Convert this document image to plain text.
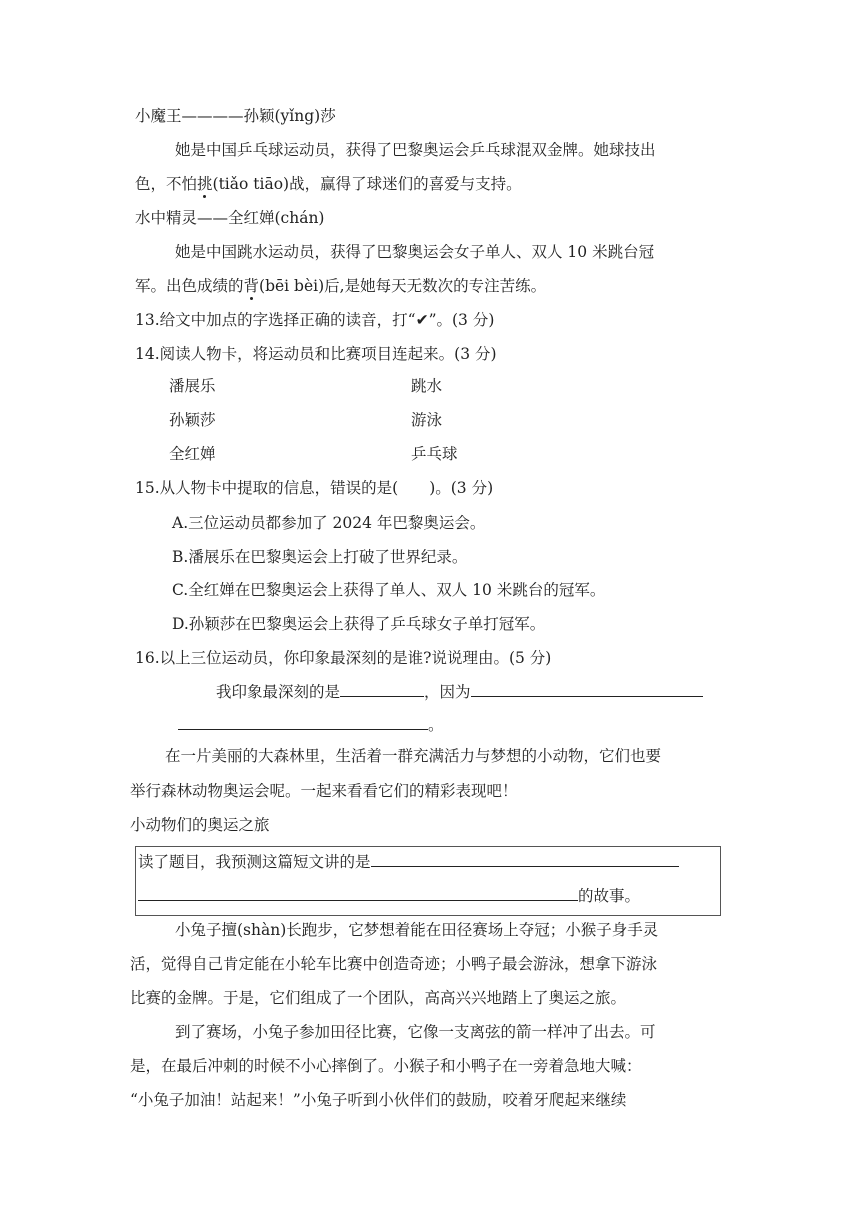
小魔王————孙颖(yǐng)莎
她是中国乒乓球运动员，获得了巴黎奥运会乒乓球混双金牌。她球技出
色，不怕挑(tiǎo tiāo)战，赢得了球迷们的喜爱与支持。
水中精灵——全红婵(chán)
她是中国跳水运动员，获得了巴黎奥运会女子单人、双人 10 米跳台冠
军。出色成绩的背(bēi bèi)后,是她每天无数次的专注苦练。
13.给文中加点的字选择正确的读音，打“✔”。(3 分)
14.阅读人物卡，将运动员和比赛项目连起来。(3 分)
潘展乐	跳水
孙颖莎	游泳
全红婵	乒乓球
15.从人物卡中提取的信息，错误的是(　　)。(3 分)
A.三位运动员都参加了 2024 年巴黎奥运会。
B.潘展乐在巴黎奥运会上打破了世界纪录。
C.全红婵在巴黎奥运会上获得了单人、双人 10 米跳台的冠军。
D.孙颖莎在巴黎奥运会上获得了乒乓球女子单打冠军。
16.以上三位运动员，你印象最深刻的是谁?说说理由。(5 分)
我印象最深刻的是	，因为
。
在一片美丽的大森林里，生活着一群充满活力与梦想的小动物，它们也要
举行森林动物奥运会呢。一起来看看它们的精彩表现吧！
小动物们的奥运之旅
读了题目，我预测这篇短文讲的是
的故事。
小兔子擅(shàn)长跑步，它梦想着能在田径赛场上夺冠；小猴子身手灵
活，觉得自己肯定能在小轮车比赛中创造奇迹；小鸭子最会游泳，想拿下游泳
比赛的金牌。于是，它们组成了一个团队，高高兴兴地踏上了奥运之旅。
到了赛场，小兔子参加田径比赛，它像一支离弦的箭一样冲了出去。可
是，在最后冲刺的时候不小心摔倒了。小猴子和小鸭子在一旁着急地大喊：
“小兔子加油！站起来！”小兔子听到小伙伴们的鼓励，咬着牙爬起来继续
